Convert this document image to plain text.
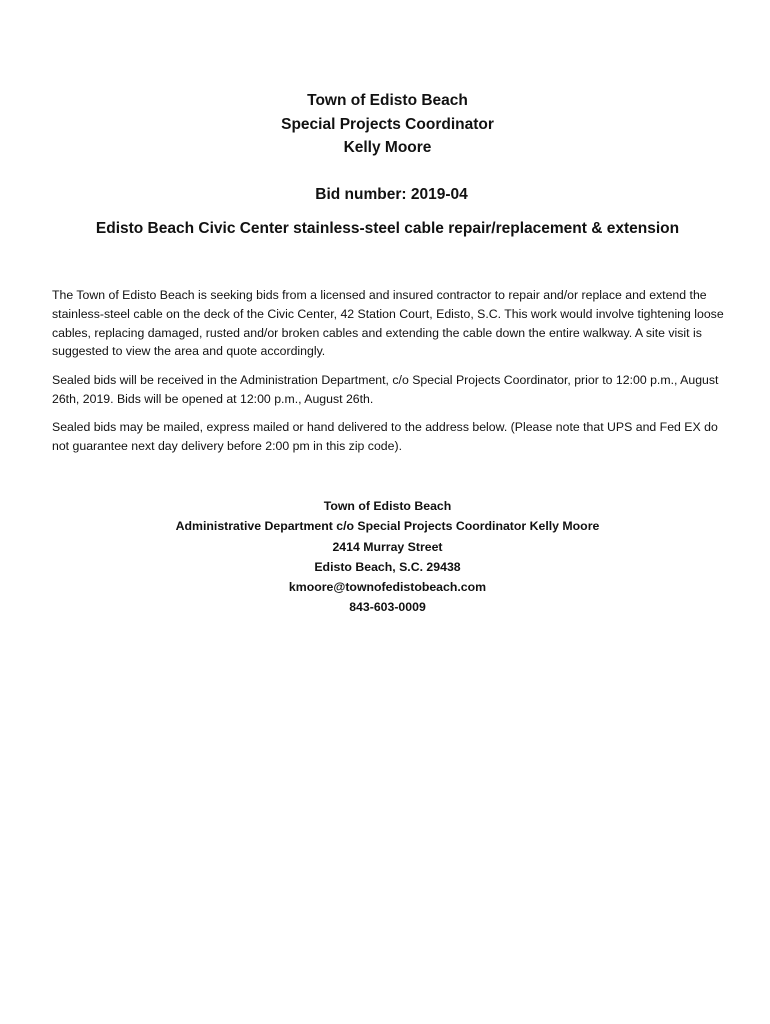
Town of Edisto Beach
Special Projects Coordinator
Kelly Moore
Bid number: 2019-04
Edisto Beach Civic Center stainless-steel cable repair/replacement & extension

The Town of Edisto Beach is seeking bids from a licensed and insured contractor to repair and/or replace and extend the stainless-steel cable on the deck of the Civic Center, 42 Station Court, Edisto, S.C. This work would involve tightening loose cables, replacing damaged, rusted and/or broken cables and extending the cable down the entire walkway. A site visit is suggested to view the area and quote accordingly.

Sealed bids will be received in the Administration Department, c/o Special Projects Coordinator, prior to 12:00 p.m., August 26th, 2019. Bids will be opened at 12:00 p.m., August 26th.

Sealed bids may be mailed, express mailed or hand delivered to the address below. (Please note that UPS and Fed EX do not guarantee next day delivery before 2:00 pm in this zip code).

Town of Edisto Beach
Administrative Department c/o Special Projects Coordinator Kelly Moore
2414 Murray Street
Edisto Beach, S.C. 29438
kmoore@townofedistobeach.com
843-603-0009
